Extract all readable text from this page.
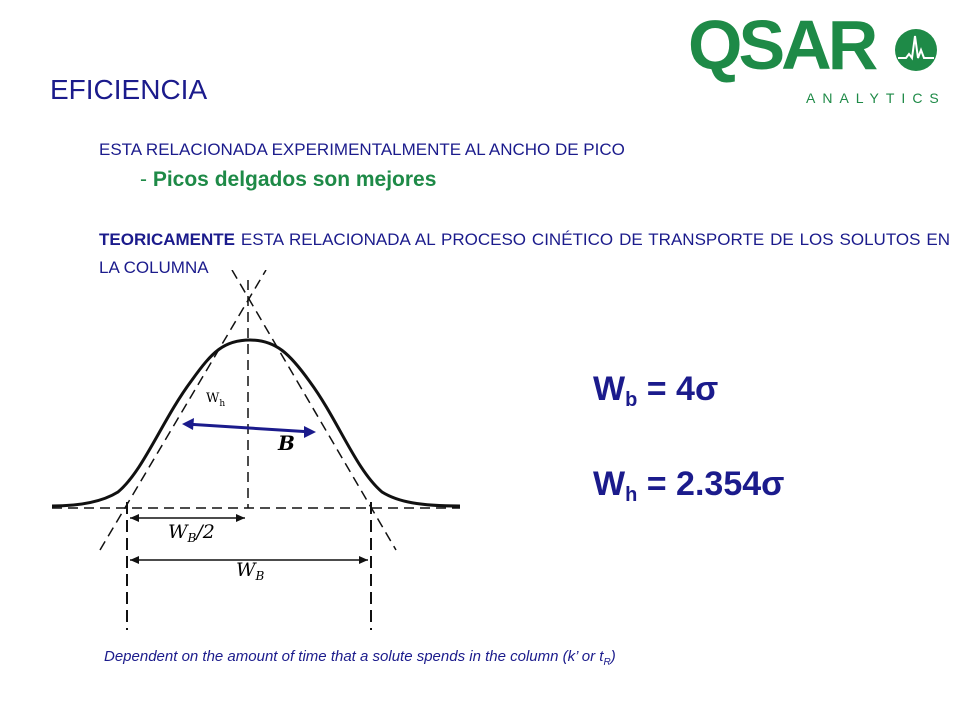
QSAR
ANALYTICS
EFICIENCIA
ESTA RELACIONADA EXPERIMENTALMENTE AL ANCHO DE PICO
- Picos delgados son mejores
TEORICAMENTE ESTA RELACIONADA AL PROCESO CINÉTICO DE TRANSPORTE DE LOS SOLUTOS EN LA COLUMNA
$W_h$
B
$W_B/2$
$W_B$
$W_b = 4\sigma$
$W_h = 2.354\sigma$
Dependent on the amount of time that a solute spends in the column (k’ or $t_R$)
